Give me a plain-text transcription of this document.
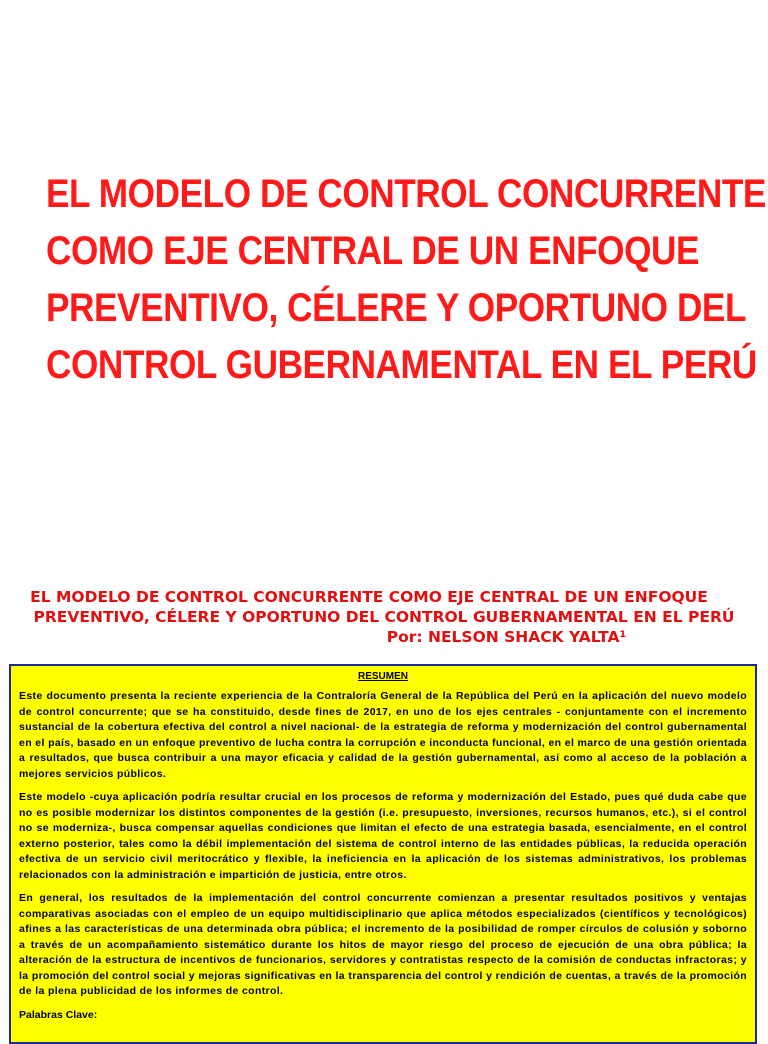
EL MODELO DE CONTROL CONCURRENTE
COMO EJE CENTRAL DE UN ENFOQUE
PREVENTIVO, CÉLERE Y OPORTUNO DEL
CONTROL GUBERNAMENTAL EN EL PERÚ
EL MODELO DE CONTROL CONCURRENTE COMO EJE CENTRAL DE UN ENFOQUE
PREVENTIVO, CÉLERE Y OPORTUNO DEL CONTROL GUBERNAMENTAL EN EL PERÚ
Por: NELSON SHACK YALTA¹

RESUMEN

Este documento presenta la reciente experiencia de la Contraloría General de la República del Perú en la aplicación del nuevo modelo de control concurrente; que se ha constituido, desde fines de 2017, en uno de los ejes centrales - conjuntamente con el incremento sustancial de la cobertura efectiva del control a nivel nacional- de la estrategia de reforma y modernización del control gubernamental en el país, basado en un enfoque preventivo de lucha contra la corrupción e inconducta funcional, en el marco de una gestión orientada a resultados, que busca contribuir a una mayor eficacia y calidad de la gestión gubernamental, así como al acceso de la población a mejores servicios públicos.

Este modelo -cuya aplicación podría resultar crucial en los procesos de reforma y modernización del Estado, pues qué duda cabe que no es posible modernizar los distintos componentes de la gestión (i.e. presupuesto, inversiones, recursos humanos, etc.), si el control no se moderniza-, busca compensar aquellas condiciones que limitan el efecto de una estrategia basada, esencialmente, en el control externo posterior, tales como la débil implementación del sistema de control interno de las entidades públicas, la reducida operación efectiva de un servicio civil meritocrático y flexible, la ineficiencia en la aplicación de los sistemas administrativos, los problemas relacionados con la administración e impartición de justicia, entre otros.

En general, los resultados de la implementación del control concurrente comienzan a presentar resultados positivos y ventajas comparativas asociadas con el empleo de un equipo multidisciplinario que aplica métodos especializados (científicos y tecnológicos) afines a las características de una determinada obra pública; el incremento de la posibilidad de romper círculos de colusión y soborno a través de un acompañamiento sistemático durante los hitos de mayor riesgo del proceso de ejecución de una obra pública; la alteración de la estructura de incentivos de funcionarios, servidores y contratistas respecto de la comisión de conductas infractoras; y la promoción del control social y mejoras significativas en la transparencia del control y rendición de cuentas, a través de la promoción de la plena publicidad de los informes de control.

Palabras Clave:
